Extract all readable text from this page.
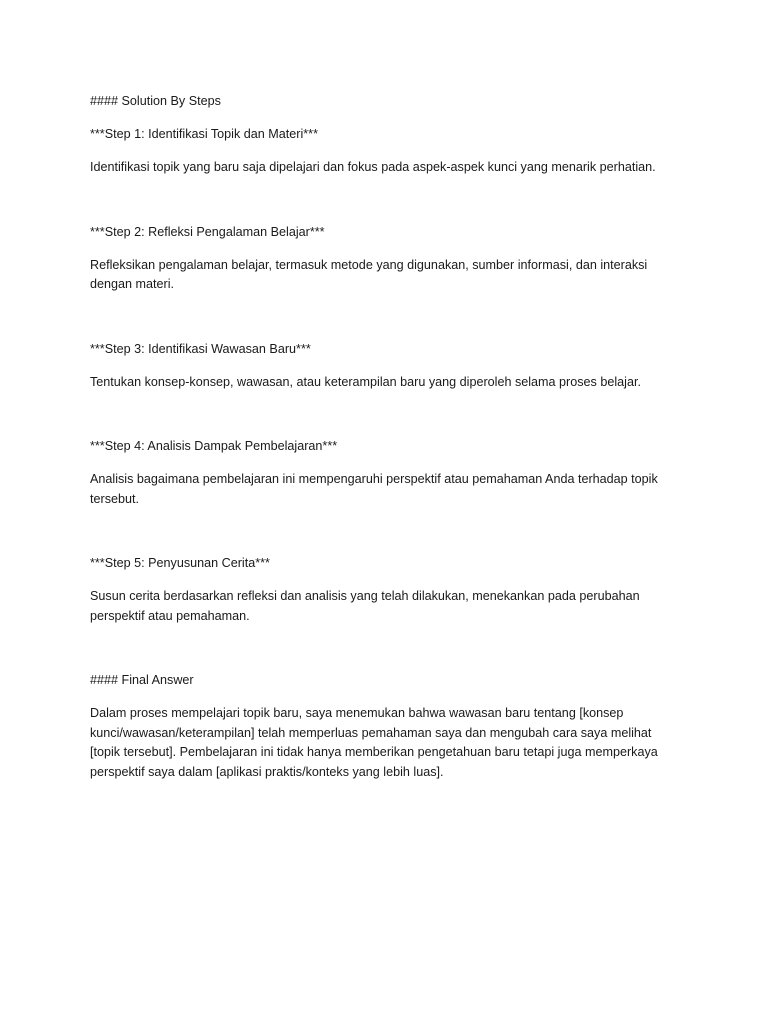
#### Solution By Steps

***Step 1: Identifikasi Topik dan Materi***

Identifikasi topik yang baru saja dipelajari dan fokus pada aspek-aspek kunci yang menarik perhatian.

***Step 2: Refleksi Pengalaman Belajar***

Refleksikan pengalaman belajar, termasuk metode yang digunakan, sumber informasi, dan interaksi dengan materi.

***Step 3: Identifikasi Wawasan Baru***

Tentukan konsep-konsep, wawasan, atau keterampilan baru yang diperoleh selama proses belajar.

***Step 4: Analisis Dampak Pembelajaran***

Analisis bagaimana pembelajaran ini mempengaruhi perspektif atau pemahaman Anda terhadap topik tersebut.

***Step 5: Penyusunan Cerita***

Susun cerita berdasarkan refleksi dan analisis yang telah dilakukan, menekankan pada perubahan perspektif atau pemahaman.

#### Final Answer

Dalam proses mempelajari topik baru, saya menemukan bahwa wawasan baru tentang [konsep kunci/wawasan/keterampilan] telah memperluas pemahaman saya dan mengubah cara saya melihat [topik tersebut]. Pembelajaran ini tidak hanya memberikan pengetahuan baru tetapi juga memperkaya perspektif saya dalam [aplikasi praktis/konteks yang lebih luas].
